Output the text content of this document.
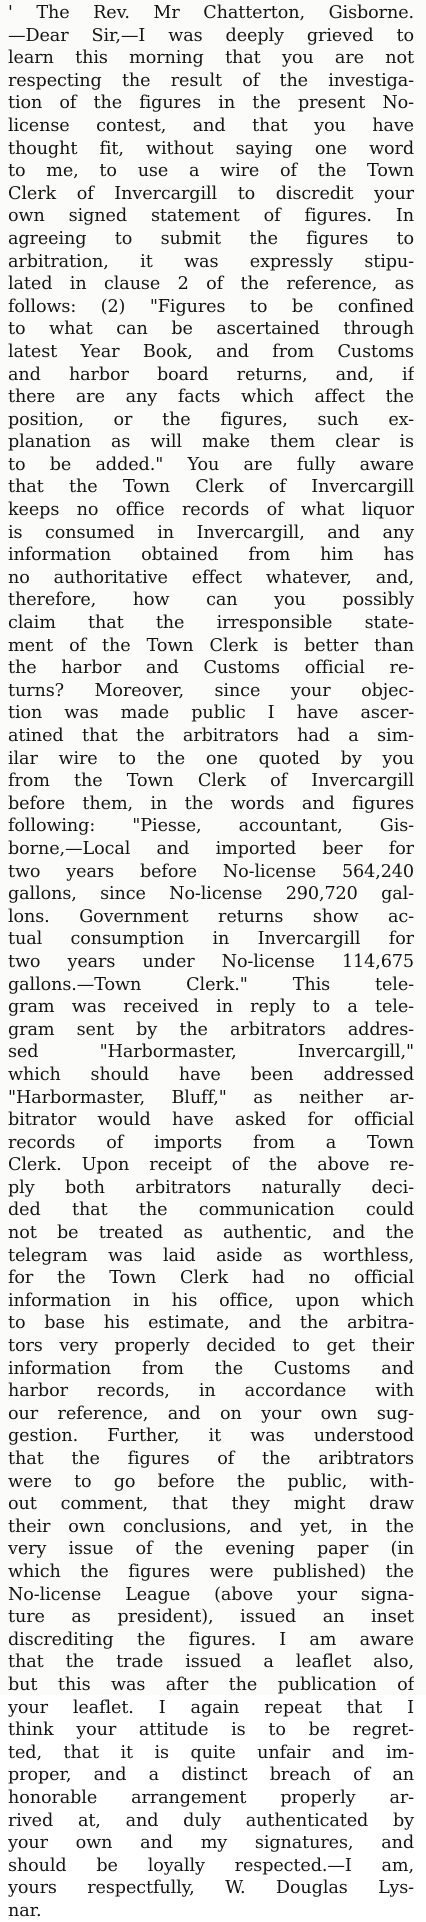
' The Rev. Mr Chatterton, Gisborne.
—Dear Sir,—I was deeply grieved to
learn this morning that you are not
respecting the result of the investiga-
tion of the figures in the present No-
license contest, and that you have
thought fit, without saying one word
to me, to use a wire of the Town
Clerk of Invercargill to discredit your
own signed statement of figures. In
agreeing to submit the figures to
arbitration, it was expressly stipu-
lated in clause 2 of the reference, as
follows: (2) "Figures to be confined
to what can be ascertained through
latest Year Book, and from Customs
and harbor board returns, and, if
there are any facts which affect the
position, or the figures, such ex-
planation as will make them clear is
to be added." You are fully aware
that the Town Clerk of Invercargill
keeps no office records of what liquor
is consumed in Invercargill, and any
information obtained from him has
no authoritative effect whatever, and,
therefore, how can you possibly
claim that the irresponsible state-
ment of the Town Clerk is better than
the harbor and Customs official re-
turns? Moreover, since your objec-
tion was made public I have ascer-
atined that the arbitrators had a sim-
ilar wire to the one quoted by you
from the Town Clerk of Invercargill
before them, in the words and figures
following: "Piesse, accountant, Gis-
borne,—Local and imported beer for
two years before No-license 564,240
gallons, since No-license 290,720 gal-
lons. Government returns show ac-
tual consumption in Invercargill for
two years under No-license 114,675
gallons.—Town Clerk." This tele-
gram was received in reply to a tele-
gram sent by the arbitrators addres-
sed "Harbormaster, Invercargill,"
which should have been addressed
"Harbormaster, Bluff," as neither ar-
bitrator would have asked for official
records of imports from a Town
Clerk. Upon receipt of the above re-
ply both arbitrators naturally deci-
ded that the communication could
not be treated as authentic, and the
telegram was laid aside as worthless,
for the Town Clerk had no official
information in his office, upon which
to base his estimate, and the arbitra-
tors very properly decided to get their
information from the Customs and
harbor records, in accordance with
our reference, and on your own sug-
gestion. Further, it was understood
that the figures of the aribtrators
were to go before the public, with-
out comment, that they might draw
their own conclusions, and yet, in the
very issue of the evening paper (in
which the figures were published) the
No-license League (above your signa-
ture as president), issued an inset
discrediting the figures. I am aware
that the trade issued a leaflet also,
but this was after the publication of
your leaflet. I again repeat that I
think your attitude is to be regret-
ted, that it is quite unfair and im-
proper, and a distinct breach of an
honorable arrangement properly ar-
rived at, and duly authenticated by
your own and my signatures, and
should be loyally respected.—I am,
yours respectfully, W. Douglas Lys-
nar.
